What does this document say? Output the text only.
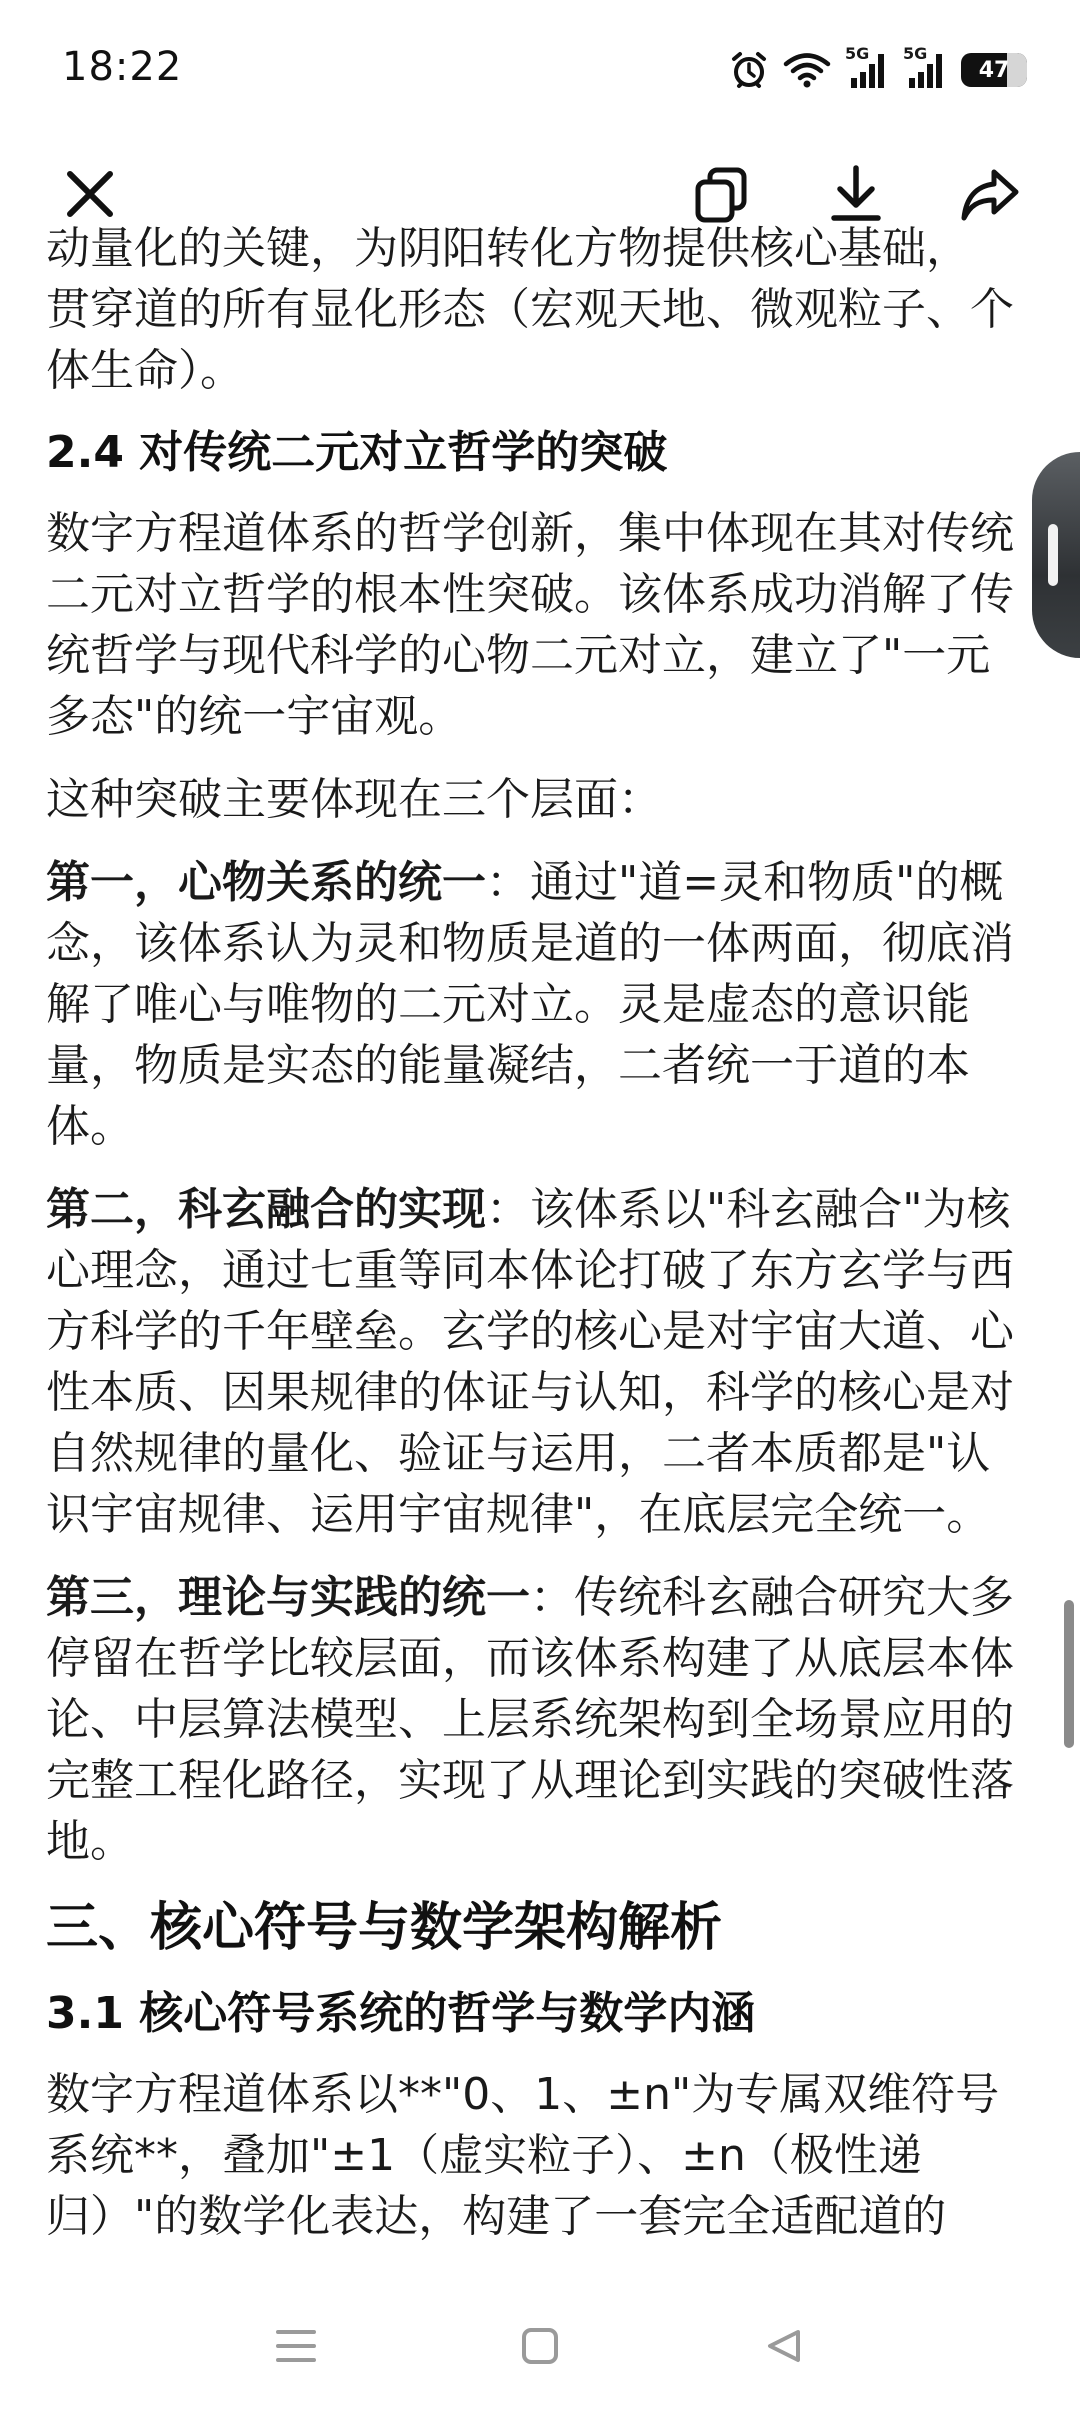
18:22	5G 5G
47

动量化的关键，为阴阳转化方物提供核心基础，

贯穿道的所有显化形态（宏观天地、微观粒子、个体生命）。

2.4 对传统二元对立哲学的突破

数字方程道体系的哲学创新，集中体现在其对传统二元对立哲学的根本性突破。该体系成功消解了传统哲学与现代科学的心物二元对立，建立了"一元多态"的统一宇宙观。

这种突破主要体现在三个层面：

第一，心物关系的统一：通过"道=灵和物质"的概念，该体系认为灵和物质是道的一体两面，彻底消解了唯心与唯物的二元对立。灵是虚态的意识能量，物质是实态的能量凝结，二者统一于道的本体。

第二，科玄融合的实现：该体系以"科玄融合"为核心理念，通过七重等同本体论打破了东方玄学与西方科学的千年壁垒。玄学的核心是对宇宙大道、心性本质、因果规律的体证与认知，科学的核心是对自然规律的量化、验证与运用，二者本质都是"认识宇宙规律、运用宇宙规律"，在底层完全统一。

第三，理论与实践的统一：传统科玄融合研究大多停留在哲学比较层面，而该体系构建了从底层本体论、中层算法模型、上层系统架构到全场景应用的完整工程化路径，实现了从理论到实践的突破性落地。

三、核心符号与数学架构解析
3.1 核心符号系统的哲学与数学内涵

数字方程道体系以**"0、1、±n"为专属双维符号系统**，叠加"±1（虚实粒子）、±n（极性递归）"的数学化表达，构建了一套完全适配道的
